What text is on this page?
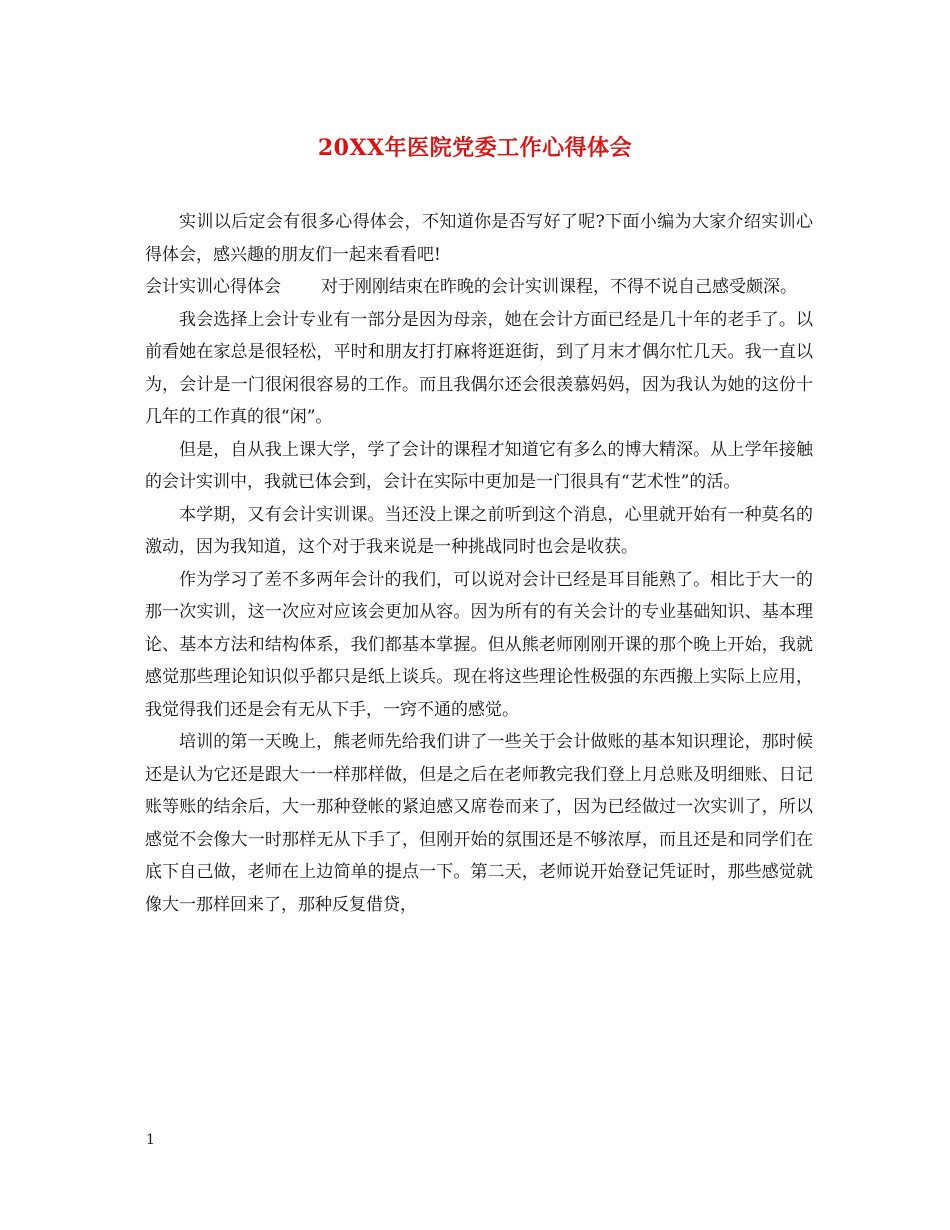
20XX年医院党委工作心得体会

实训以后定会有很多心得体会，不知道你是否写好了呢?下面小编为大家介绍实训心得体会，感兴趣的朋友们一起来看看吧!

会计实训心得体会 对于刚刚结束在昨晚的会计实训课程，不得不说自己感受颇深。

我会选择上会计专业有一部分是因为母亲，她在会计方面已经是几十年的老手了。以前看她在家总是很轻松，平时和朋友打打麻将逛逛街，到了月末才偶尔忙几天。我一直以为，会计是一门很闲很容易的工作。而且我偶尔还会很羡慕妈妈，因为我认为她的这份十几年的工作真的很“闲”。

但是，自从我上课大学，学了会计的课程才知道它有多么的博大精深。从上学年接触的会计实训中，我就已体会到，会计在实际中更加是一门很具有“艺术性”的活。

本学期，又有会计实训课。当还没上课之前听到这个消息，心里就开始有一种莫名的激动，因为我知道，这个对于我来说是一种挑战同时也会是收获。

作为学习了差不多两年会计的我们，可以说对会计已经是耳目能熟了。相比于大一的那一次实训，这一次应对应该会更加从容。因为所有的有关会计的专业基础知识、基本理论、基本方法和结构体系，我们都基本掌握。但从熊老师刚刚开课的那个晚上开始，我就感觉那些理论知识似乎都只是纸上谈兵。现在将这些理论性极强的东西搬上实际上应用，我觉得我们还是会有无从下手，一窍不通的感觉。

培训的第一天晚上，熊老师先给我们讲了一些关于会计做账的基本知识理论，那时候还是认为它还是跟大一一样那样做，但是之后在老师教完我们登上月总账及明细账、日记账等账的结余后，大一那种登帐的紧迫感又席卷而来了，因为已经做过一次实训了，所以感觉不会像大一时那样无从下手了，但刚开始的氛围还是不够浓厚，而且还是和同学们在底下自己做，老师在上边简单的提点一下。第二天，老师说开始登记凭证时，那些感觉就像大一那样回来了，那种反复借贷，

1
